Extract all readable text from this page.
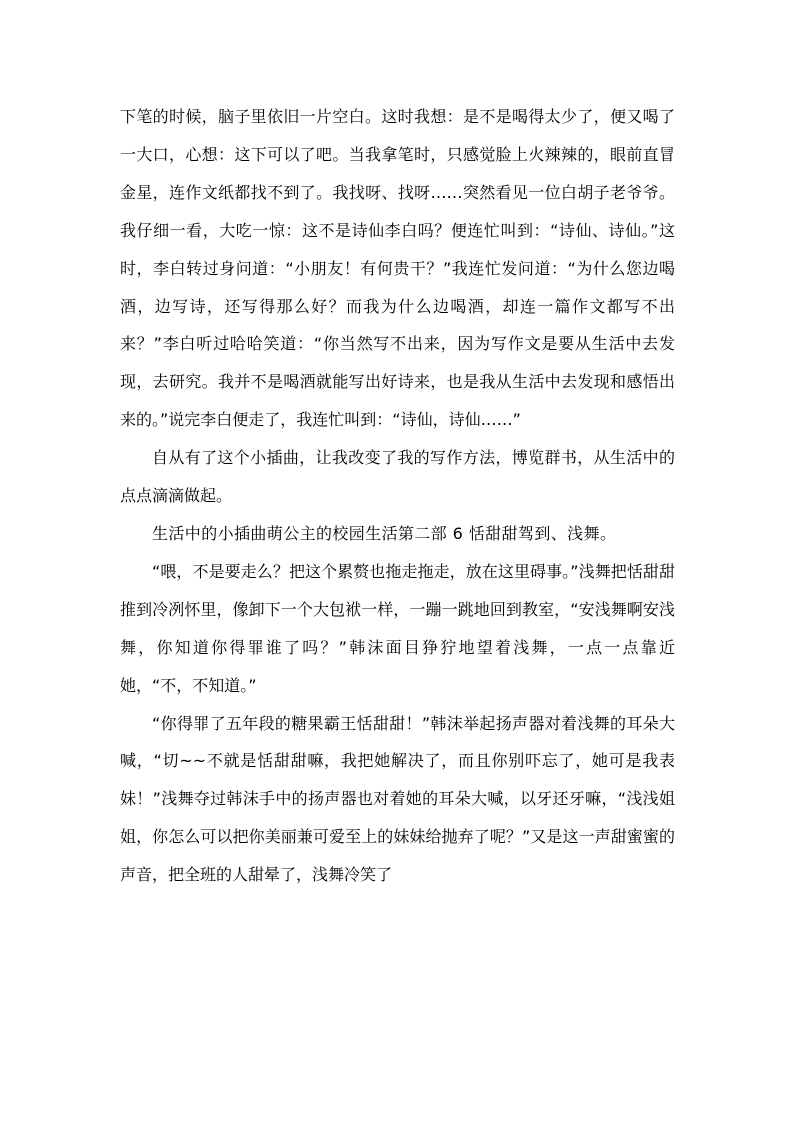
下笔的时候，脑子里依旧一片空白。这时我想：是不是喝得太少了，便又喝了一大口，心想：这下可以了吧。当我拿笔时，只感觉脸上火辣辣的，眼前直冒金星，连作文纸都找不到了。我找呀、找呀……突然看见一位白胡子老爷爷。我仔细一看，大吃一惊：这不是诗仙李白吗？便连忙叫到：“诗仙、诗仙。”这时，李白转过身问道：“小朋友！有何贵干？”我连忙发问道：“为什么您边喝酒，边写诗，还写得那么好？而我为什么边喝酒，却连一篇作文都写不出来？”李白听过哈哈笑道：“你当然写不出来，因为写作文是要从生活中去发现，去研究。我并不是喝酒就能写出好诗来，也是我从生活中去发现和感悟出来的。”说完李白便走了，我连忙叫到：“诗仙，诗仙……”

自从有了这个小插曲，让我改变了我的写作方法，博览群书，从生活中的点点滴滴做起。

生活中的小插曲萌公主的校园生活第二部 6 恬甜甜驾到、浅舞。

“喂，不是要走么？把这个累赘也拖走拖走，放在这里碍事。”浅舞把恬甜甜推到冷冽怀里，像卸下一个大包袱一样，一蹦一跳地回到教室，“安浅舞啊安浅舞，你知道你得罪谁了吗？”韩沫面目狰狞地望着浅舞，一点一点靠近她，“不，不知道。”

“你得罪了五年段的糖果霸王恬甜甜！”韩沫举起扬声器对着浅舞的耳朵大喊，“切~~不就是恬甜甜嘛，我把她解决了，而且你别吓忘了，她可是我表妹！”浅舞夺过韩沫手中的扬声器也对着她的耳朵大喊，以牙还牙嘛，“浅浅姐姐，你怎么可以把你美丽兼可爱至上的妹妹给抛弃了呢？”又是这一声甜蜜蜜的声音，把全班的人甜晕了，浅舞冷笑了
